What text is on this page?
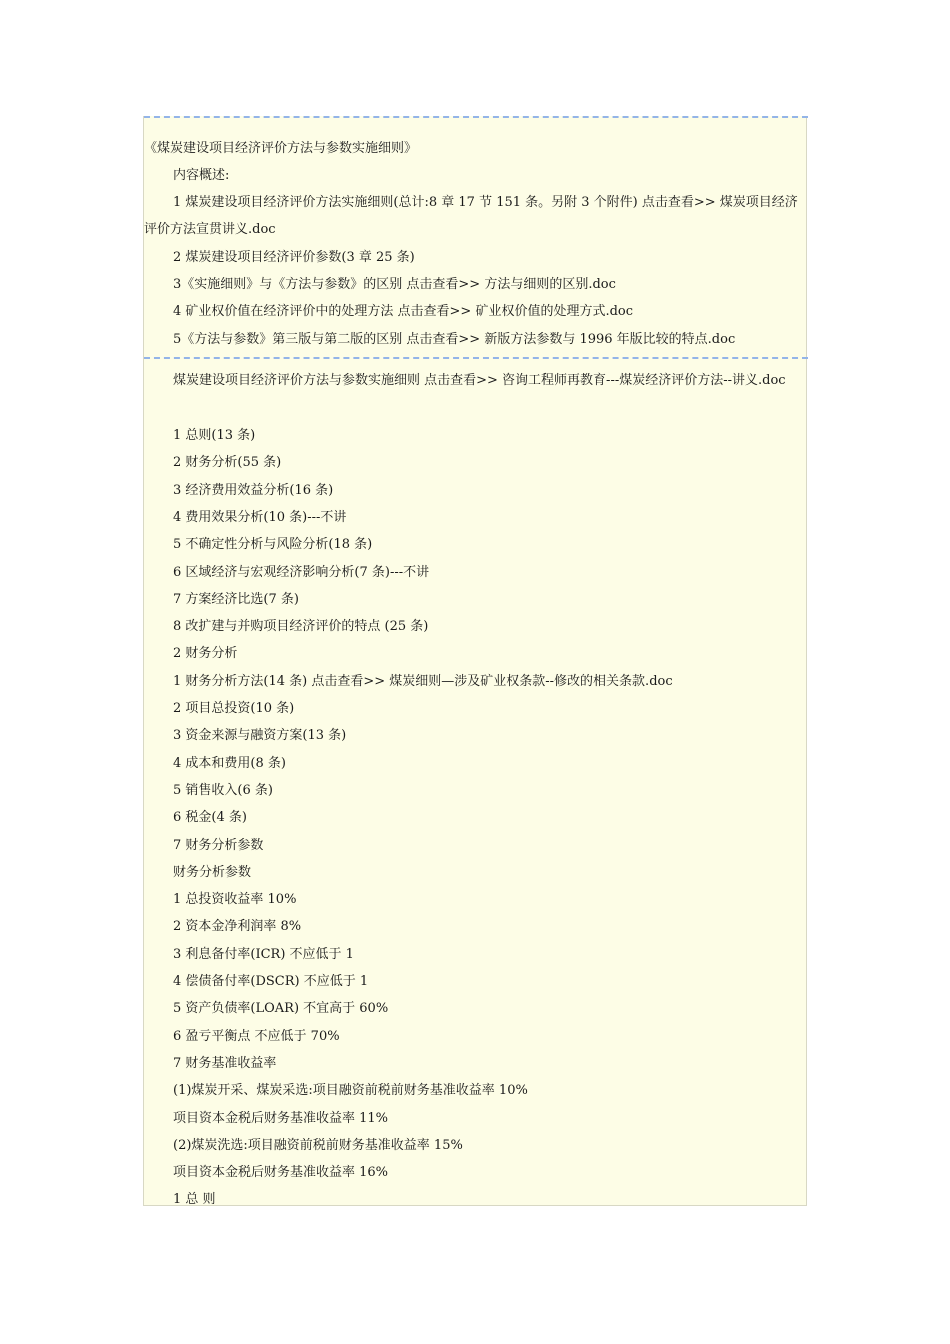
《煤炭建设项目经济评价方法与参数实施细则》
内容概述:
1 煤炭建设项目经济评价方法实施细则(总计:8 章 17 节 151 条。另附 3 个附件) 点击查看>> 煤炭项目经济评价方法宣贯讲义.doc
2 煤炭建设项目经济评价参数(3 章 25 条)
3《实施细则》与《方法与参数》的区别 点击查看>> 方法与细则的区别.doc
4 矿业权价值在经济评价中的处理方法 点击查看>> 矿业权价值的处理方式.doc
5《方法与参数》第三版与第二版的区别 点击查看>> 新版方法参数与 1996 年版比较的特点.doc
煤炭建设项目经济评价方法与参数实施细则 点击查看>> 咨询工程师再教育---煤炭经济评价方法--讲义.doc
1 总则(13 条)
2 财务分析(55 条)
3 经济费用效益分析(16 条)
4 费用效果分析(10 条)---不讲
5 不确定性分析与风险分析(18 条)
6 区域经济与宏观经济影响分析(7 条)---不讲
7 方案经济比选(7 条)
8 改扩建与并购项目经济评价的特点 (25 条)
2 财务分析
1 财务分析方法(14 条) 点击查看>> 煤炭细则—涉及矿业权条款--修改的相关条款.doc
2 项目总投资(10 条)
3 资金来源与融资方案(13 条)
4 成本和费用(8 条)
5 销售收入(6 条)
6 税金(4 条)
7 财务分析参数
财务分析参数
1 总投资收益率 10%
2 资本金净利润率 8%
3 利息备付率(ICR) 不应低于 1
4 偿债备付率(DSCR) 不应低于 1
5 资产负债率(LOAR) 不宜高于 60%
6 盈亏平衡点 不应低于 70%
7 财务基准收益率
(1)煤炭开采、煤炭采选:项目融资前税前财务基准收益率 10%
项目资本金税后财务基准收益率 11%
(2)煤炭洗选:项目融资前税前财务基准收益率 15%
项目资本金税后财务基准收益率 16%
1 总 则
